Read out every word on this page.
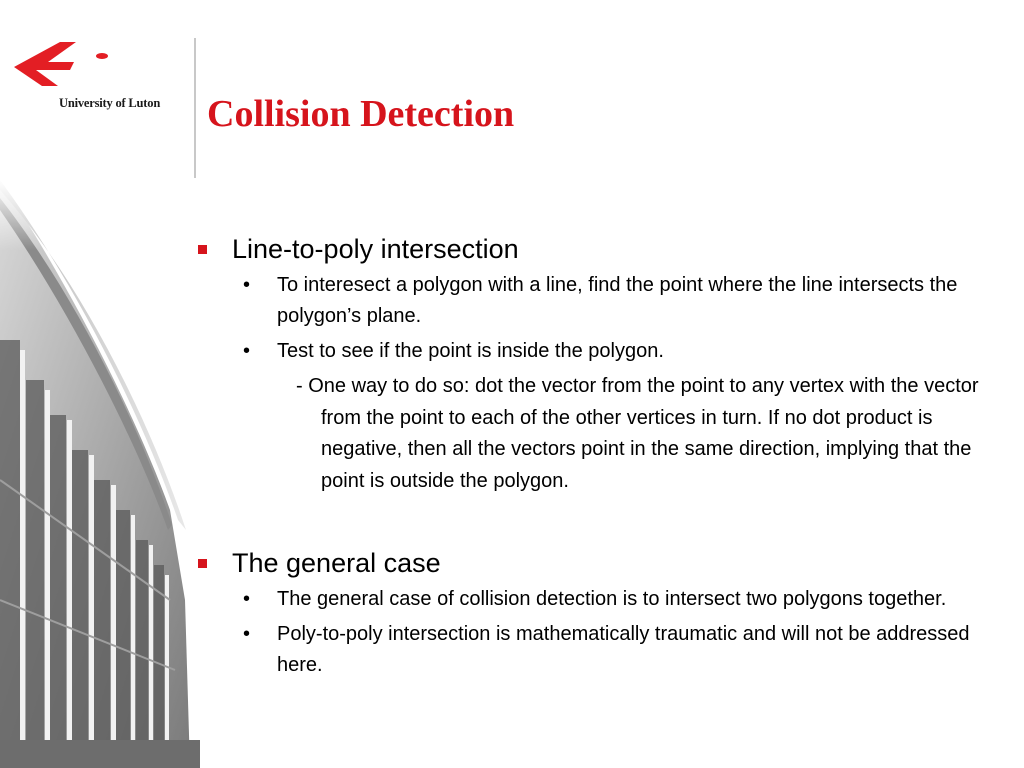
University of Luton Collision Detection
Line-to-poly intersection
• To interesect a polygon with a line, find the point where the line intersects the polygon’s plane.
• Test to see if the point is inside the polygon.
- One way to do so: dot the vector from the point to any vertex with the vector from the point to each of the other vertices in turn. If no dot product is negative, then all the vectors point in the same direction, implying that the point is outside the polygon.
The general case
• The general case of collision detection is to intersect two polygons together.
• Poly-to-poly intersection is mathematically traumatic and will not be addressed here.
